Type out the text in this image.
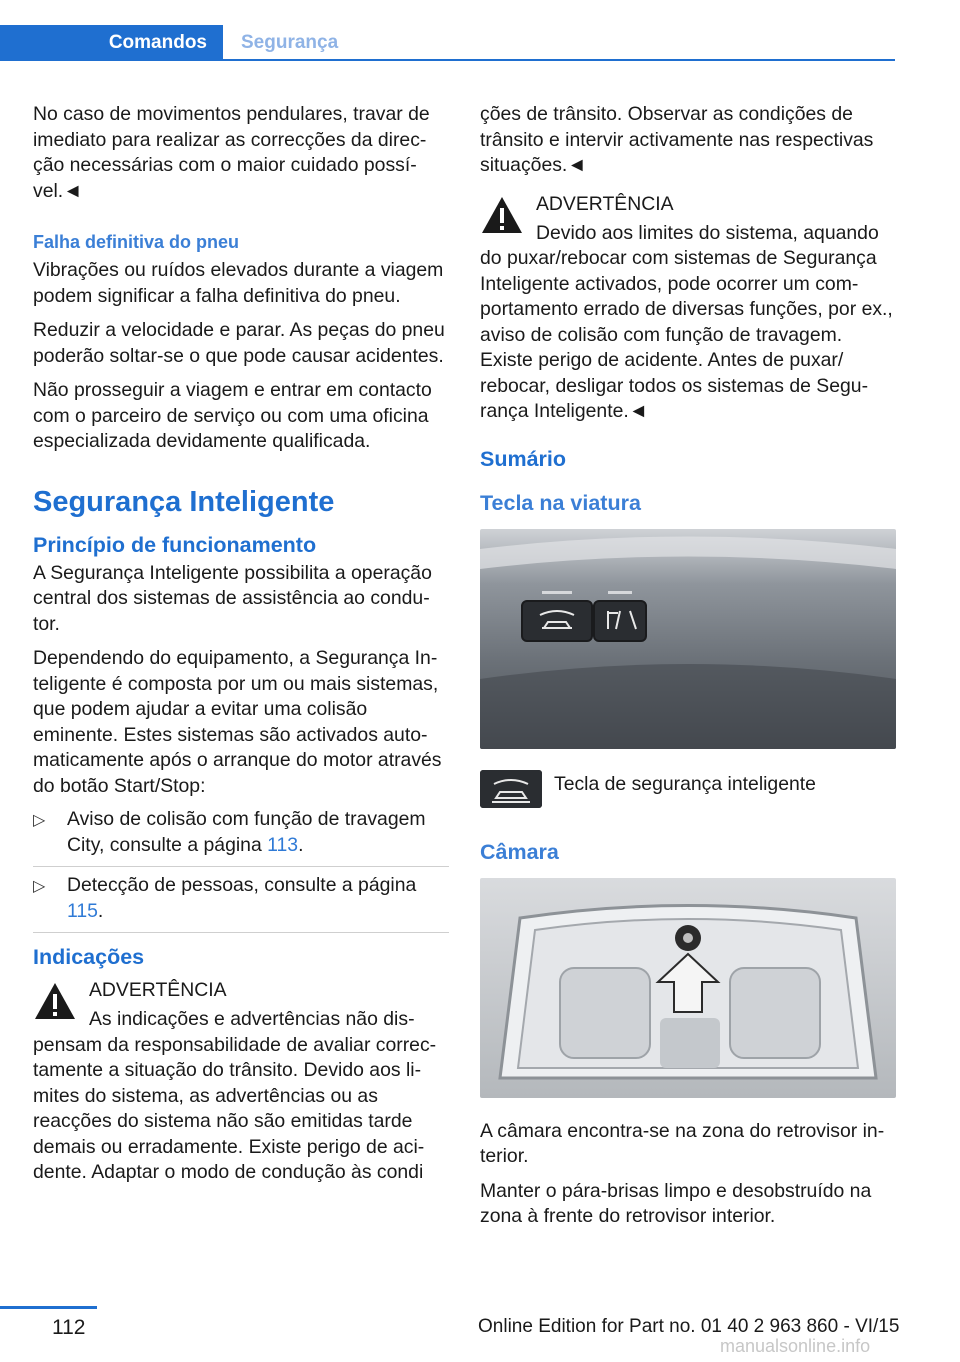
Comandos	Segurança

No caso de movimentos pendulares, travar de imediato para realizar as correcções da direcção necessárias com o maior cuidado possível.◄

Falha definitiva do pneu

Vibrações ou ruídos elevados durante a viagem podem significar a falha definitiva do pneu.

Reduzir a velocidade e parar. As peças do pneu poderão soltar-se o que pode causar acidentes.

Não prosseguir a viagem e entrar em contacto com o parceiro de serviço ou com uma oficina especializada devidamente qualificada.

Segurança Inteligente
Princípio de funcionamento

A Segurança Inteligente possibilita a operação central dos sistemas de assistência ao condutor.

Dependendo do equipamento, a Segurança Inteligente é composta por um ou mais sistemas, que podem ajudar a evitar uma colisão eminente. Estes sistemas são activados automaticamente após o arranque do motor através do botão Start/Stop:

▷ Aviso de colisão com função de travagem City, consulte a página 113.
▷ Detecção de pessoas, consulte a página 115.
Indicações
ADVERTÊNCIA

As indicações e advertências não dispensam da responsabilidade de avaliar correctamente a situação do trânsito. Devido aos limites do sistema, as advertências ou as reacções do sistema não são emitidas tarde demais ou erradamente. Existe perigo de acidente. Adaptar o modo de condução às condi

ções de trânsito. Observar as condições de trânsito e intervir activamente nas respectivas situações.◄

ADVERTÊNCIA

Devido aos limites do sistema, aquando do puxar/rebocar com sistemas de Segurança Inteligente activados, pode ocorrer um comportamento errado de diversas funções, por ex., aviso de colisão com função de travagem. Existe perigo de acidente. Antes de puxar/ rebocar, desligar todos os sistemas de Segurança Inteligente.◄

Sumário
Tecla na viatura
Tecla de segurança inteligente
Câmara

A câmara encontra-se na zona do retrovisor interior.

Manter o pára-brisas limpo e desobstruído na zona à frente do retrovisor interior.

112	Online Edition for Part no. 01 40 2 963 860 - VI/15
manualsonline.info
